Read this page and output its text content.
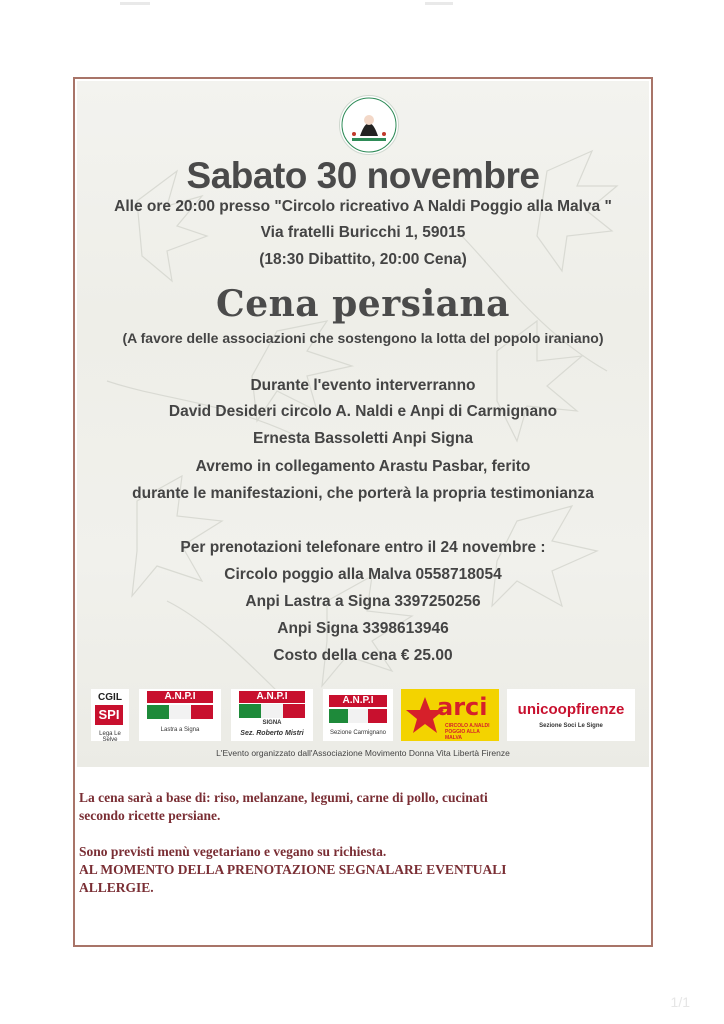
Sabato 30 novembre
Alle ore 20:00 presso "Circolo ricreativo A Naldi Poggio alla Malva "
Via fratelli Buricchi 1, 59015
(18:30 Dibattito, 20:00 Cena)
Cena persiana
(A favore delle associazioni che sostengono la lotta del popolo iraniano)
Durante l'evento interverranno
David Desideri circolo A. Naldi e Anpi di Carmignano
Ernesta Bassoletti Anpi Signa
Avremo in collegamento Arastu Pasbar, ferito
durante le manifestazioni, che porterà la propria testimonianza
Per prenotazioni telefonare entro il 24 novembre :
Circolo poggio alla Malva 0558718054
Anpi Lastra a Signa 3397250256
Anpi Signa 3398613946
Costo della cena € 25.00
CGIL
SPI
Lega Le Selve
A.N.P.I
Lastra a Signa
A.N.P.I
SIGNA
Sez. Roberto Mistri
A.N.P.I
Sezione Carmignano
arci
CIRCOLO A.NALDI POGGIO ALLA MALVA
unicoopfirenze
Sezione Soci Le Signe
L'Evento organizzato dall'Associazione Movimento Donna Vita Libertà Firenze

La cena sarà a base di: riso, melanzane, legumi, carne di pollo, cucinati
secondo ricette persiane.

Sono previsti menù vegetariano e vegano su richiesta.
AL MOMENTO DELLA PRENOTAZIONE SEGNALARE EVENTUALI
ALLERGIE.

1/1
